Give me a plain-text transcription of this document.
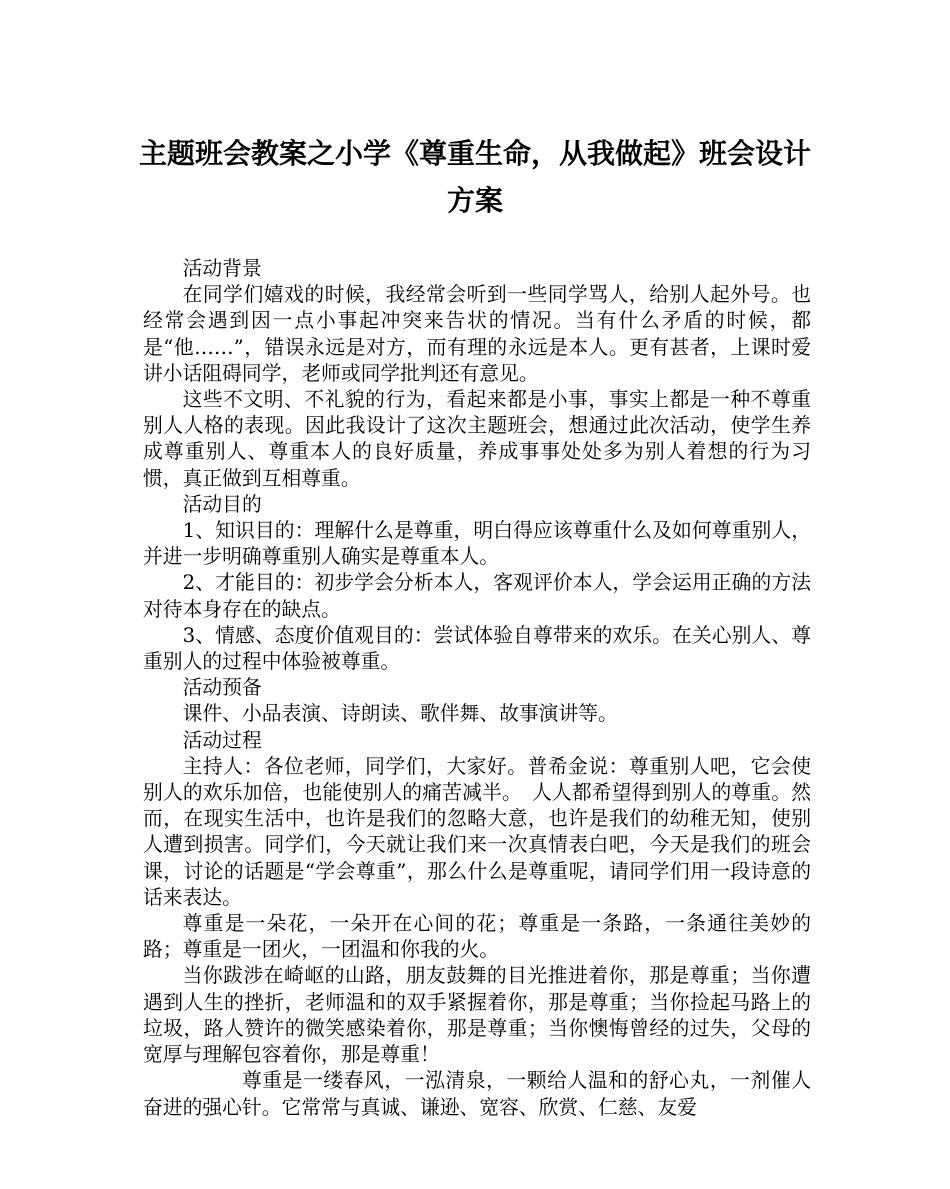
主题班会教案之小学《尊重生命，从我做起》班会设计方案

活动背景

在同学们嬉戏的时候，我经常会听到一些同学骂人，给别人起外号。也经常会遇到因一点小事起冲突来告状的情况。当有什么矛盾的时候，都是“他……”，错误永远是对方，而有理的永远是本人。更有甚者，上课时爱讲小话阻碍同学，老师或同学批判还有意见。

这些不文明、不礼貌的行为，看起来都是小事，事实上都是一种不尊重别人人格的表现。因此我设计了这次主题班会，想通过此次活动，使学生养成尊重别人、尊重本人的良好质量，养成事事处处多为别人着想的行为习惯，真正做到互相尊重。

活动目的

1、知识目的：理解什么是尊重，明白得应该尊重什么及如何尊重别人，并进一步明确尊重别人确实是尊重本人。

2、才能目的：初步学会分析本人，客观评价本人，学会运用正确的方法对待本身存在的缺点。

3、情感、态度价值观目的：尝试体验自尊带来的欢乐。在关心别人、尊重别人的过程中体验被尊重。

活动预备

课件、小品表演、诗朗读、歌伴舞、故事演讲等。

活动过程

主持人：各位老师，同学们，大家好。普希金说：尊重别人吧，它会使别人的欢乐加倍，也能使别人的痛苦减半。　人人都希望得到别人的尊重。然而，在现实生活中，也许是我们的忽略大意，也许是我们的幼稚无知，使别人遭到损害。同学们，今天就让我们来一次真情表白吧，今天是我们的班会课，讨论的话题是“学会尊重”，那么什么是尊重呢，请同学们用一段诗意的话来表达。

尊重是一朵花，一朵开在心间的花；尊重是一条路，一条通往美妙的路；尊重是一团火，一团温和你我的火。

当你跋涉在崎岖的山路，朋友鼓舞的目光推进着你，那是尊重；当你遭遇到人生的挫折，老师温和的双手紧握着你，那是尊重；当你捡起马路上的垃圾，路人赞许的微笑感染着你，那是尊重；当你懊悔曾经的过失，父母的宽厚与理解包容着你，那是尊重！

尊重是一缕春风，一泓清泉，一颗给人温和的舒心丸，一剂催人奋进的强心针。它常常与真诚、谦逊、宽容、欣赏、仁慈、友爱
